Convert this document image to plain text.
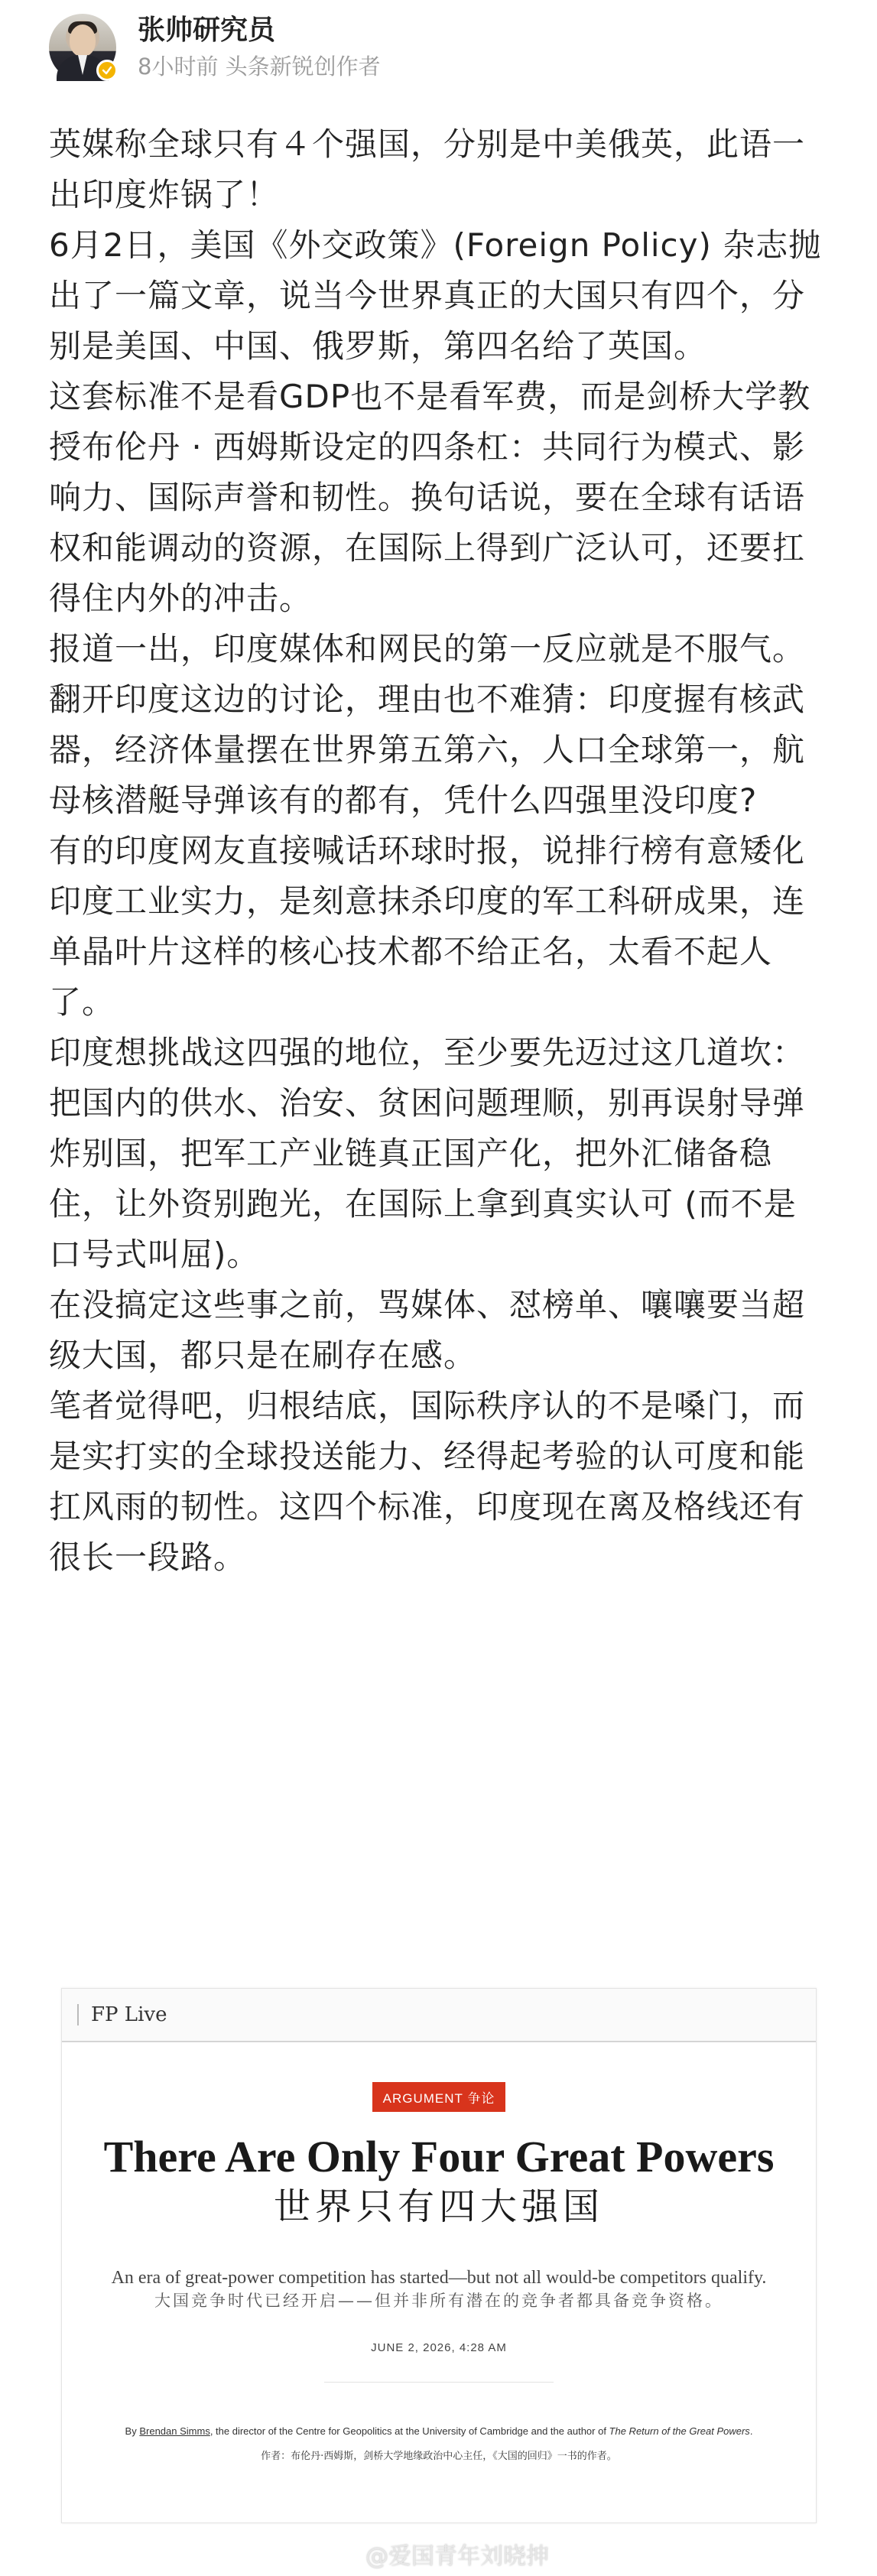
张帅研究员
8小时前 头条新锐创作者

英媒称全球只有４个强国，分别是中美俄英，此语一出印度炸锅了！

6月2日，美国《外交政策》(Foreign Policy) 杂志抛出了一篇文章，说当今世界真正的大国只有四个，分别是美国、中国、俄罗斯，第四名给了英国。

这套标准不是看GDP也不是看军费，而是剑桥大学教授布伦丹 · 西姆斯设定的四条杠：共同行为模式、影响力、国际声誉和韧性。换句话说，要在全球有话语权和能调动的资源，在国际上得到广泛认可，还要扛得住内外的冲击。

报道一出，印度媒体和网民的第一反应就是不服气。翻开印度这边的讨论，理由也不难猜：印度握有核武器，经济体量摆在世界第五第六，人口全球第一，航母核潜艇导弹该有的都有，凭什么四强里没印度?

有的印度网友直接喊话环球时报，说排行榜有意矮化印度工业实力，是刻意抹杀印度的军工科研成果，连单晶叶片这样的核心技术都不给正名，太看不起人了。

印度想挑战这四强的地位，至少要先迈过这几道坎：把国内的供水、治安、贫困问题理顺，别再误射导弹炸别国，把军工产业链真正国产化，把外汇储备稳住，让外资别跑光，在国际上拿到真实认可 (而不是口号式叫屈)。

在没搞定这些事之前，骂媒体、怼榜单、嚷嚷要当超级大国，都只是在刷存在感。

笔者觉得吧，归根结底，国际秩序认的不是嗓门，而是实打实的全球投送能力、经得起考验的认可度和能扛风雨的韧性。这四个标准，印度现在离及格线还有很长一段路。

FP Live
ARGUMENT 争论
There Are Only Four Great Powers
世界只有四大强国
An era of great-power competition has started—but not all would-be competitors qualify.
大国竞争时代已经开启——但并非所有潜在的竞争者都具备竞争资格。
JUNE 2, 2026, 4:28 AM
By Brendan Simms, the director of the Centre for Geopolitics at the University of Cambridge and the author of The Return of the Great Powers.
作者：布伦丹·西姆斯，剑桥大学地缘政治中心主任，《大国的回归》一书的作者。
@爱国青年刘晓抻
